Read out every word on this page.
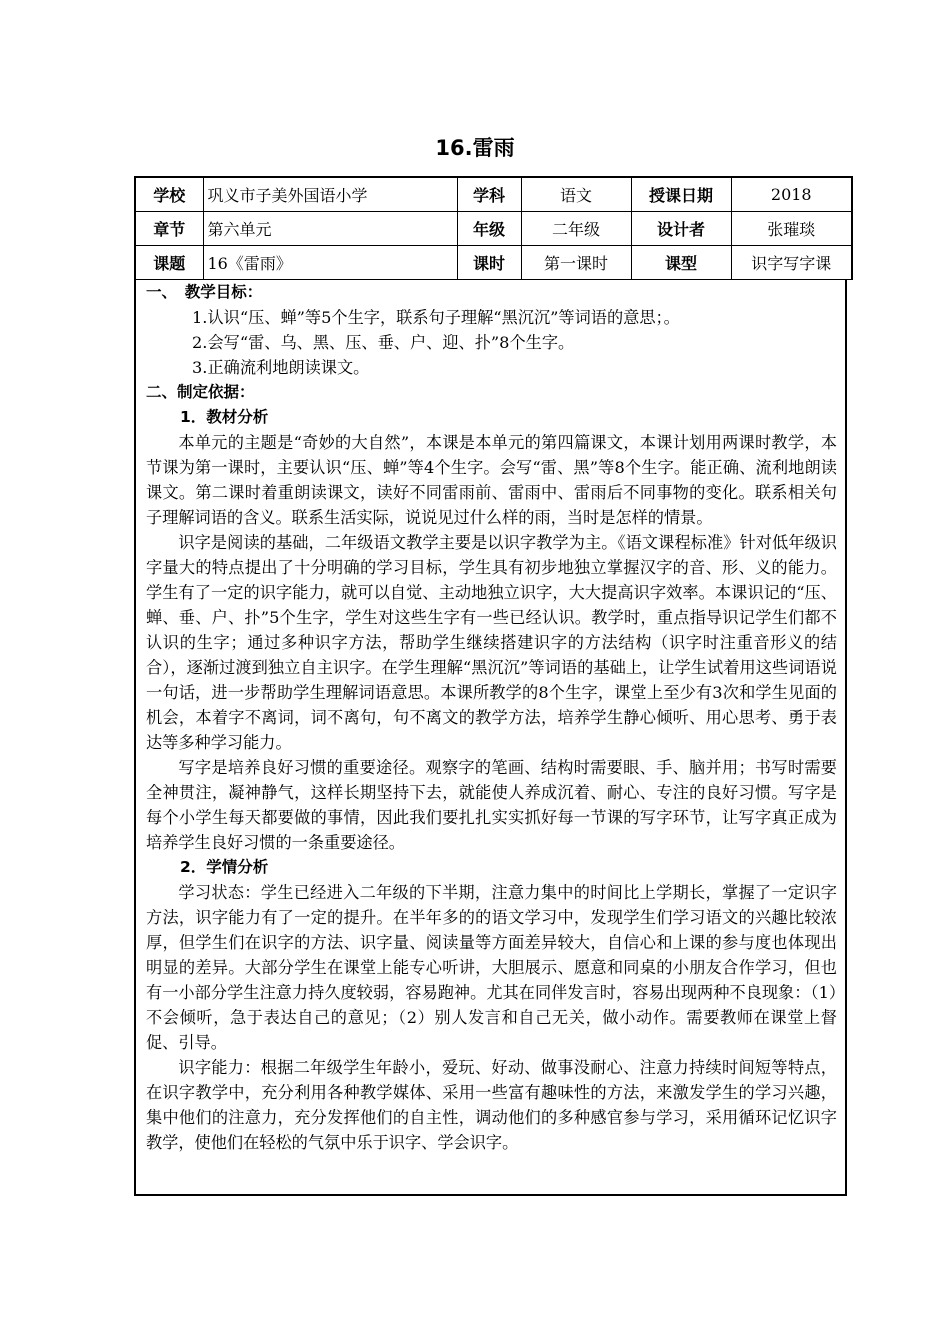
16.雷雨
学校	巩义市子美外国语小学	学科	语文	授课日期	2018
章节	第六单元	年级	二年级	设计者	张璀琰
课题	16《雷雨》	课时	第一课时	课型	识字写字课

一、　教学目标：

1.认识“压、蝉”等5个生字，联系句子理解“黑沉沉”等词语的意思；。

2.会写“雷、乌、黑、压、垂、户、迎、扑”8个生字。

3.正确流利地朗读课文。

二、制定依据：

1．教材分析

本单元的主题是“奇妙的大自然”，本课是本单元的第四篇课文，本课计划用两课时教学，本节课为第一课时，主要认识“压、蝉”等4个生字。会写“雷、黑”等8个生字。能正确、流利地朗读课文。第二课时着重朗读课文，读好不同雷雨前、雷雨中、雷雨后不同事物的变化。联系相关句子理解词语的含义。联系生活实际，说说见过什么样的雨，当时是怎样的情景。

识字是阅读的基础，二年级语文教学主要是以识字教学为主。《语文课程标准》针对低年级识字量大的特点提出了十分明确的学习目标，学生具有初步地独立掌握汉字的音、形、义的能力。学生有了一定的识字能力，就可以自觉、主动地独立识字，大大提高识字效率。本课识记的“压、蝉、垂、户、扑”5个生字，学生对这些生字有一些已经认识。教学时，重点指导识记学生们都不认识的生字；通过多种识字方法，帮助学生继续搭建识字的方法结构（识字时注重音形义的结合），逐渐过渡到独立自主识字。在学生理解“黑沉沉”等词语的基础上，让学生试着用这些词语说一句话，进一步帮助学生理解词语意思。本课所教学的8个生字，课堂上至少有3次和学生见面的机会，本着字不离词，词不离句，句不离文的教学方法，培养学生静心倾听、用心思考、勇于表达等多种学习能力。

写字是培养良好习惯的重要途径。观察字的笔画、结构时需要眼、手、脑并用；书写时需要全神贯注，凝神静气，这样长期坚持下去，就能使人养成沉着、耐心、专注的良好习惯。写字是每个小学生每天都要做的事情，因此我们要扎扎实实抓好每一节课的写字环节，让写字真正成为培养学生良好习惯的一条重要途径。

2．学情分析

学习状态：学生已经进入二年级的下半期，注意力集中的时间比上学期长，掌握了一定识字方法，识字能力有了一定的提升。在半年多的的语文学习中，发现学生们学习语文的兴趣比较浓厚，但学生们在识字的方法、识字量、阅读量等方面差异较大，自信心和上课的参与度也体现出明显的差异。大部分学生在课堂上能专心听讲，大胆展示、愿意和同桌的小朋友合作学习，但也有一小部分学生注意力持久度较弱，容易跑神。尤其在同伴发言时，容易出现两种不良现象：（1）不会倾听，急于表达自己的意见；（2）别人发言和自己无关，做小动作。需要教师在课堂上督促、引导。

识字能力：根据二年级学生年龄小，爱玩、好动、做事没耐心、注意力持续时间短等特点，在识字教学中，充分利用各种教学媒体、采用一些富有趣味性的方法，来激发学生的学习兴趣，集中他们的注意力，充分发挥他们的自主性，调动他们的多种感官参与学习，采用循环记忆识字教学，使他们在轻松的气氛中乐于识字、学会识字。
